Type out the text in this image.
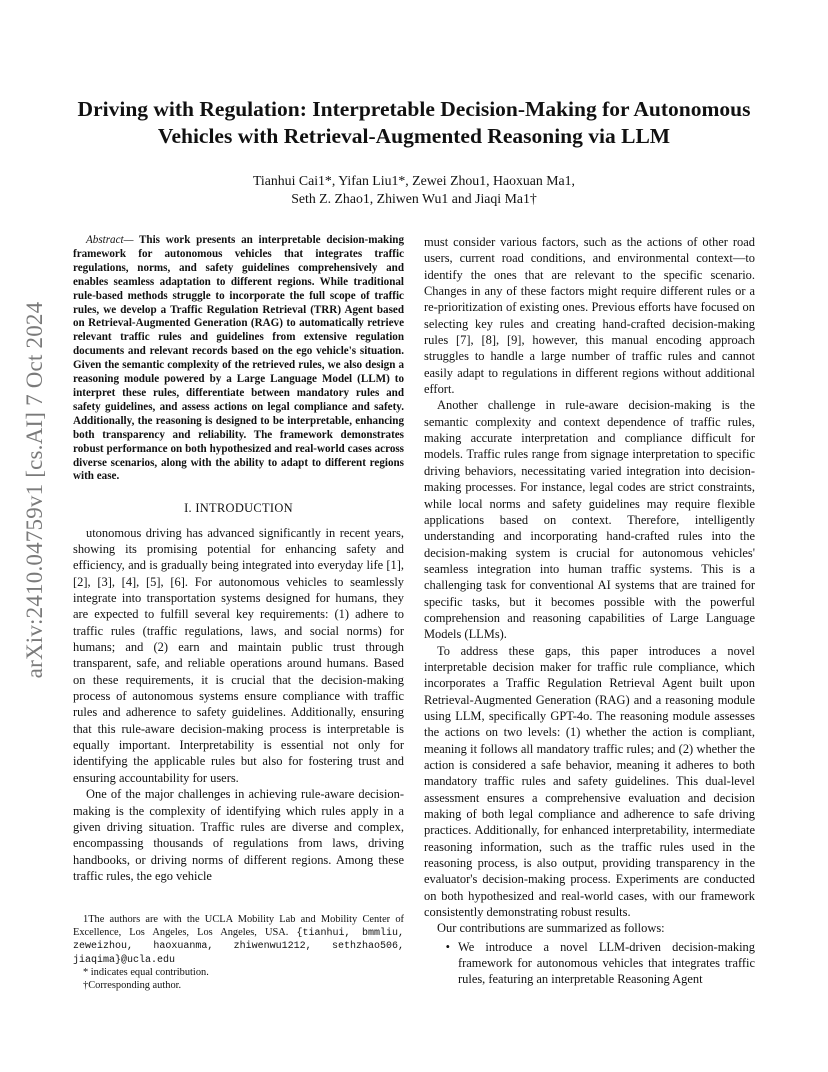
Driving with Regulation: Interpretable Decision-Making for Autonomous Vehicles with Retrieval-Augmented Reasoning via LLM
Tianhui Cai1*, Yifan Liu1*, Zewei Zhou1, Haoxuan Ma1,
Seth Z. Zhao1, Zhiwen Wu1 and Jiaqi Ma1†
arXiv:2410.04759v1 [cs.AI] 7 Oct 2024

Abstract— This work presents an interpretable decision-making framework for autonomous vehicles that integrates traffic regulations, norms, and safety guidelines comprehensively and enables seamless adaptation to different regions. While traditional rule-based methods struggle to incorporate the full scope of traffic rules, we develop a Traffic Regulation Retrieval (TRR) Agent based on Retrieval-Augmented Generation (RAG) to automatically retrieve relevant traffic rules and guidelines from extensive regulation documents and relevant records based on the ego vehicle's situation. Given the semantic complexity of the retrieved rules, we also design a reasoning module powered by a Large Language Model (LLM) to interpret these rules, differentiate between mandatory rules and safety guidelines, and assess actions on legal compliance and safety. Additionally, the reasoning is designed to be interpretable, enhancing both transparency and reliability. The framework demonstrates robust performance on both hypothesized and real-world cases across diverse scenarios, along with the ability to adapt to different regions with ease.

I. INTRODUCTION

utonomous driving has advanced significantly in recent years, showing its promising potential for enhancing safety and efficiency, and is gradually being integrated into everyday life [1], [2], [3], [4], [5], [6]. For autonomous vehicles to seamlessly integrate into transportation systems designed for humans, they are expected to fulfill several key requirements: (1) adhere to traffic rules (traffic regulations, laws, and social norms) for humans; and (2) earn and maintain public trust through transparent, safe, and reliable operations around humans. Based on these requirements, it is crucial that the decision-making process of autonomous systems ensure compliance with traffic rules and adherence to safety guidelines. Additionally, ensuring that this rule-aware decision-making process is interpretable is equally important. Interpretability is essential not only for identifying the applicable rules but also for fostering trust and ensuring accountability for users.

One of the major challenges in achieving rule-aware decision-making is the complexity of identifying which rules apply in a given driving situation. Traffic rules are diverse and complex, encompassing thousands of regulations from laws, driving handbooks, or driving norms of different regions. Among these traffic rules, the ego vehicle

must consider various factors, such as the actions of other road users, current road conditions, and environmental context—to identify the ones that are relevant to the specific scenario. Changes in any of these factors might require different rules or a re-prioritization of existing ones. Previous efforts have focused on selecting key rules and creating hand-crafted decision-making rules [7], [8], [9], however, this manual encoding approach struggles to handle a large number of traffic rules and cannot easily adapt to regulations in different regions without additional effort.

Another challenge in rule-aware decision-making is the semantic complexity and context dependence of traffic rules, making accurate interpretation and compliance difficult for models. Traffic rules range from signage interpretation to specific driving behaviors, necessitating varied integration into decision-making processes. For instance, legal codes are strict constraints, while local norms and safety guidelines may require flexible applications based on context. Therefore, intelligently understanding and incorporating hand-crafted rules into the decision-making system is crucial for autonomous vehicles' seamless integration into human traffic systems. This is a challenging task for conventional AI systems that are trained for specific tasks, but it becomes possible with the powerful comprehension and reasoning capabilities of Large Language Models (LLMs).

To address these gaps, this paper introduces a novel interpretable decision maker for traffic rule compliance, which incorporates a Traffic Regulation Retrieval Agent built upon Retrieval-Augmented Generation (RAG) and a reasoning module using LLM, specifically GPT-4o. The reasoning module assesses the actions on two levels: (1) whether the action is compliant, meaning it follows all mandatory traffic rules; and (2) whether the action is considered a safe behavior, meaning it adheres to both mandatory traffic rules and safety guidelines. This dual-level assessment ensures a comprehensive evaluation and decision making of both legal compliance and adherence to safe driving practices. Additionally, for enhanced interpretability, intermediate reasoning information, such as the traffic rules used in the reasoning process, is also output, providing transparency in the evaluator's decision-making process. Experiments are conducted on both hypothesized and real-world cases, with our framework consistently demonstrating robust results.

Our contributions are summarized as follows:

• We introduce a novel LLM-driven decision-making framework for autonomous vehicles that integrates traffic rules, featuring an interpretable Reasoning Agent

1The authors are with the UCLA Mobility Lab and Mobility Center of Excellence, Los Angeles, Los Angeles, USA. {tianhui, bmmliu, zeweizhou, haoxuanma, zhiwenwu1212, sethzhao506, jiaqima}@ucla.edu

* indicates equal contribution.

†Corresponding author.
